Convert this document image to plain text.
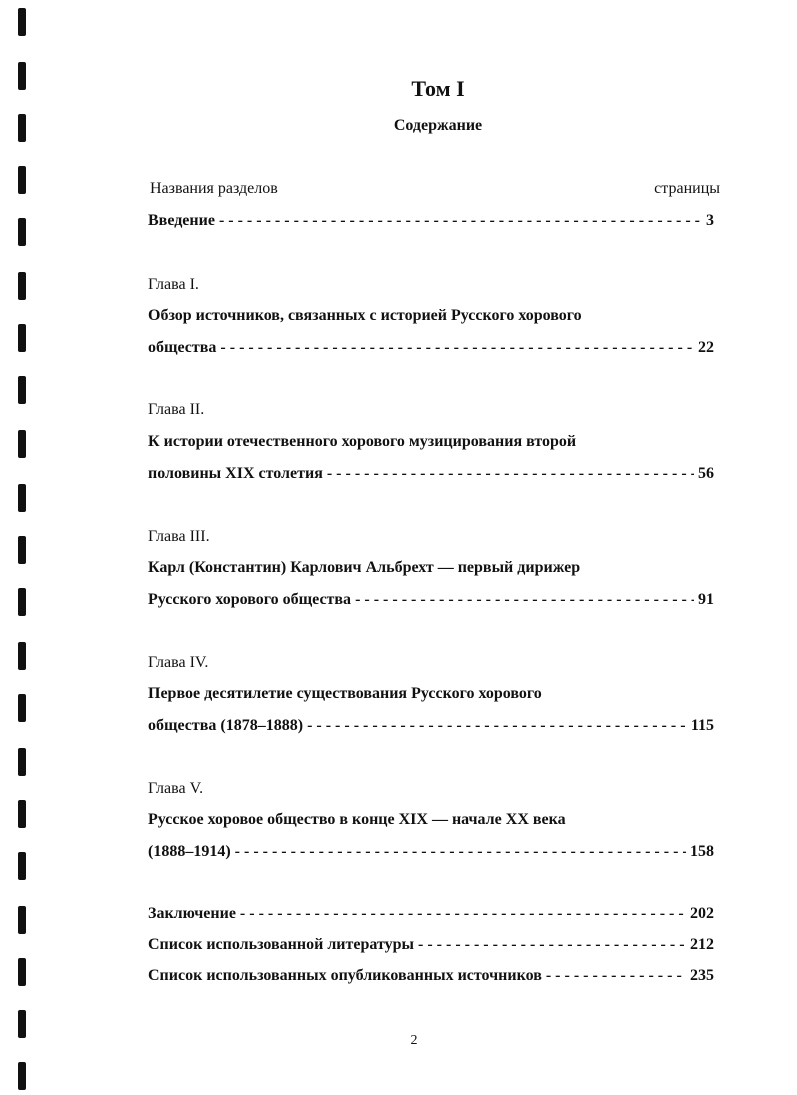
Том I
Содержание
Названия разделов	страницы
Введение - - -	3
Глава I.
Обзор источников, связанных с историей Русского хорового
общества - - -	22
Глава II.
К истории отечественного хорового музицирования второй
половины XIX столетия - - -	56
Глава III.
Карл (Константин) Карлович Альбрехт — первый дирижер
Русского хорового общества - - -	91
Глава IV.
Первое десятилетие существования Русского хорового
общества (1878–1888) - - -	115
Глава V.
Русское хоровое общество в конце XIX — начале XX века
(1888–1914) - - -	158
Заключение - - -	202
Список использованной литературы - - -	212
Список использованных опубликованных источников - - -	235
2
